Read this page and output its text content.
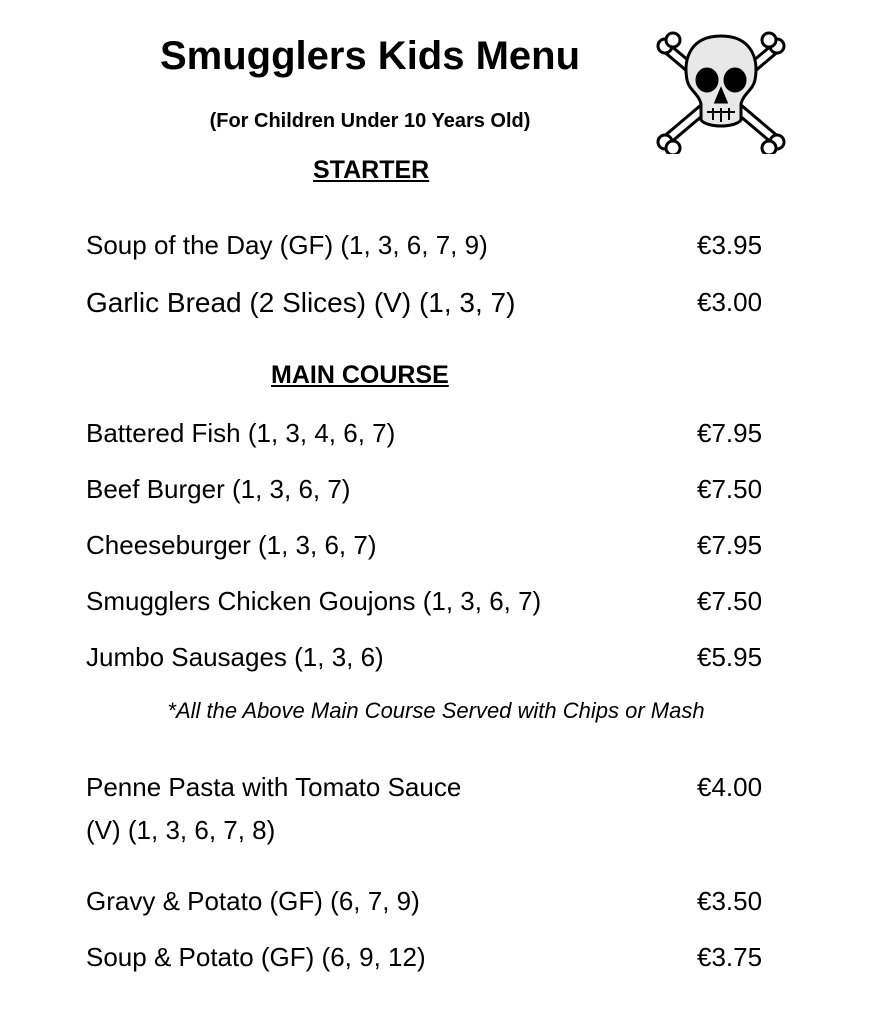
Smugglers Kids Menu
(For Children Under 10 Years Old)
STARTER
Soup of the Day (GF) (1, 3, 6, 7, 9)	€3.95
Garlic Bread (2 Slices) (V) (1, 3, 7)	€3.00
MAIN COURSE
Battered Fish (1, 3, 4, 6, 7)	€7.95
Beef Burger (1, 3, 6, 7)	€7.50
Cheeseburger (1, 3, 6, 7)	€7.95
Smugglers Chicken Goujons (1, 3, 6, 7)	€7.50
Jumbo Sausages (1, 3, 6)	€5.95
*All the Above Main Course Served with Chips or Mash
Penne Pasta with Tomato Sauce
(V) (1, 3, 6, 7, 8)
€4.00
Gravy & Potato (GF) (6, 7, 9)	€3.50
Soup & Potato (GF) (6, 9, 12)	€3.75
